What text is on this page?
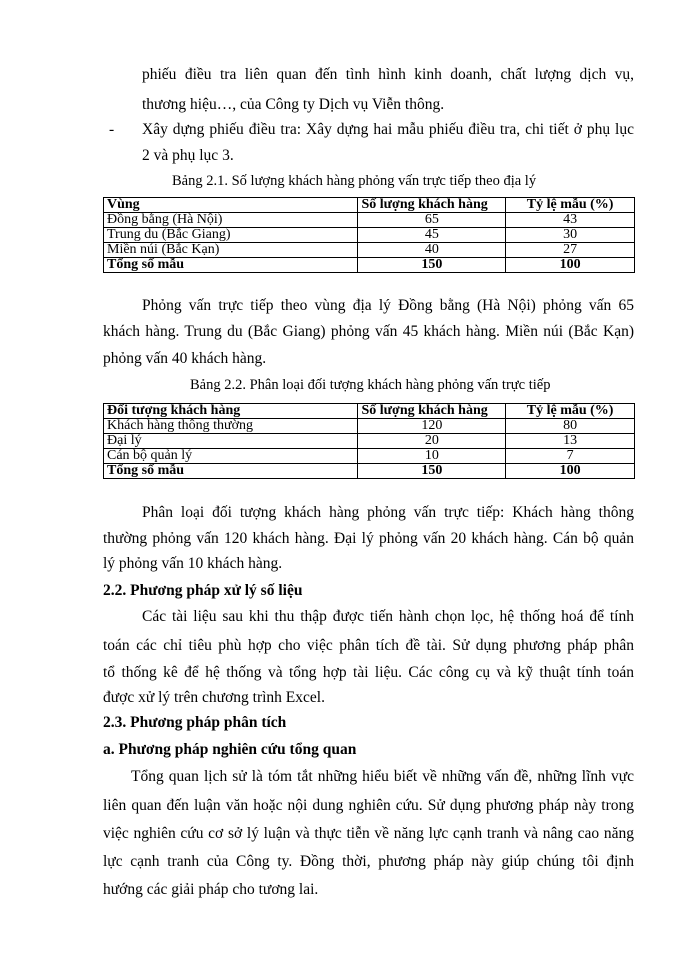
phiếu điều tra liên quan đến tình hình kinh doanh, chất lượng dịch vụ,
thương hiệu…, của Công ty Dịch vụ Viễn thông.
- Xây dựng phiếu điều tra: Xây dựng hai mẫu phiếu điều tra, chi tiết ở phụ lục
2 và phụ lục 3.
Bảng 2.1. Số lượng khách hàng phỏng vấn trực tiếp theo địa lý
Vùng	Số lượng khách hàng	Tỷ lệ mẫu (%)
Đồng bằng (Hà Nội)	65	43
Trung du (Bắc Giang)	45	30
Miền núi (Bắc Kạn)	40	27
Tổng số mẫu	150	100
Phỏng vấn trực tiếp theo vùng địa lý Đồng bằng (Hà Nội) phỏng vấn 65
khách hàng. Trung du (Bắc Giang) phỏng vấn 45 khách hàng. Miền núi (Bắc Kạn)
phỏng vấn 40 khách hàng.
Bảng 2.2. Phân loại đối tượng khách hàng phỏng vấn trực tiếp
Đối tượng khách hàng	Số lượng khách hàng	Tỷ lệ mẫu (%)
Khách hàng thông thường	120	80
Đại lý	20	13
Cán bộ quản lý	10	7
Tổng số mẫu	150	100
Phân loại đối tượng khách hàng phỏng vấn trực tiếp: Khách hàng thông
thường phỏng vấn 120 khách hàng. Đại lý phỏng vấn 20 khách hàng. Cán bộ quản
lý phỏng vấn 10 khách hàng.
2.2. Phương pháp xử lý số liệu
Các tài liệu sau khi thu thập được tiến hành chọn lọc, hệ thống hoá để tính
toán các chỉ tiêu phù hợp cho việc phân tích đề tài. Sử dụng phương pháp phân
tổ thống kê để hệ thống và tổng hợp tài liệu. Các công cụ và kỹ thuật tính toán
được xử lý trên chương trình Excel.
2.3. Phương pháp phân tích
a. Phương pháp nghiên cứu tổng quan
Tổng quan lịch sử là tóm tắt những hiểu biết về những vấn đề, những lĩnh vực
liên quan đến luận văn hoặc nội dung nghiên cứu. Sử dụng phương pháp này trong
việc nghiên cứu cơ sở lý luận và thực tiễn về năng lực cạnh tranh và nâng cao năng
lực cạnh tranh của Công ty. Đồng thời, phương pháp này giúp chúng tôi định
hướng các giải pháp cho tương lai.
